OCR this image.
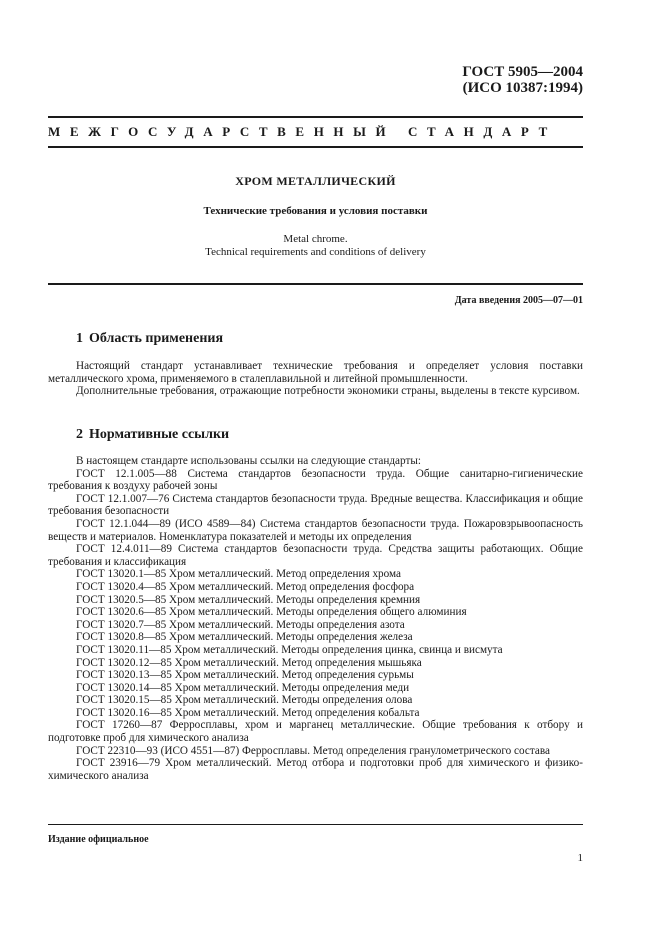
ГОСТ 5905—2004
(ИСО 10387:1994)
МЕЖГОСУДАРСТВЕННЫЙ СТАНДАРТ
ХРОМ МЕТАЛЛИЧЕСКИЙ
Технические требования и условия поставки
Metal chrome.
Technical requirements and conditions of delivery
Дата введения 2005—07—01
1 Область применения

Настоящий стандарт устанавливает технические требования и определяет условия поставки металлического хрома, применяемого в сталеплавильной и литейной промышленности.

Дополнительные требования, отражающие потребности экономики страны, выделены в тексте курсивом.

2 Нормативные ссылки
В настоящем стандарте использованы ссылки на следующие стандарты:
ГОСТ 12.1.005—88 Система стандартов безопасности труда. Общие санитарно-гигиенические требования к воздуху рабочей зоны
ГОСТ 12.1.007—76 Система стандартов безопасности труда. Вредные вещества. Классификация и общие требования безопасности
ГОСТ 12.1.044—89 (ИСО 4589—84) Система стандартов безопасности труда. Пожаровзрывоопасность веществ и материалов. Номенклатура показателей и методы их определения
ГОСТ 12.4.011—89 Система стандартов безопасности труда. Средства защиты работающих. Общие требования и классификация
ГОСТ 13020.1—85 Хром металлический. Метод определения хрома
ГОСТ 13020.4—85 Хром металлический. Метод определения фосфора
ГОСТ 13020.5—85 Хром металлический. Методы определения кремния
ГОСТ 13020.6—85 Хром металлический. Методы определения общего алюминия
ГОСТ 13020.7—85 Хром металлический. Методы определения азота
ГОСТ 13020.8—85 Хром металлический. Методы определения железа
ГОСТ 13020.11—85 Хром металлический. Методы определения цинка, свинца и висмута
ГОСТ 13020.12—85 Хром металлический. Метод определения мышьяка
ГОСТ 13020.13—85 Хром металлический. Метод определения сурьмы
ГОСТ 13020.14—85 Хром металлический. Методы определения меди
ГОСТ 13020.15—85 Хром металлический. Методы определения олова
ГОСТ 13020.16—85 Хром металлический. Метод определения кобальта
ГОСТ 17260—87 Ферросплавы, хром и марганец металлические. Общие требования к отбору и подготовке проб для химического анализа
ГОСТ 22310—93 (ИСО 4551—87) Ферросплавы. Метод определения гранулометрического состава
ГОСТ 23916—79 Хром металлический. Метод отбора и подготовки проб для химического и физико-химического анализа
Издание официальное
1
